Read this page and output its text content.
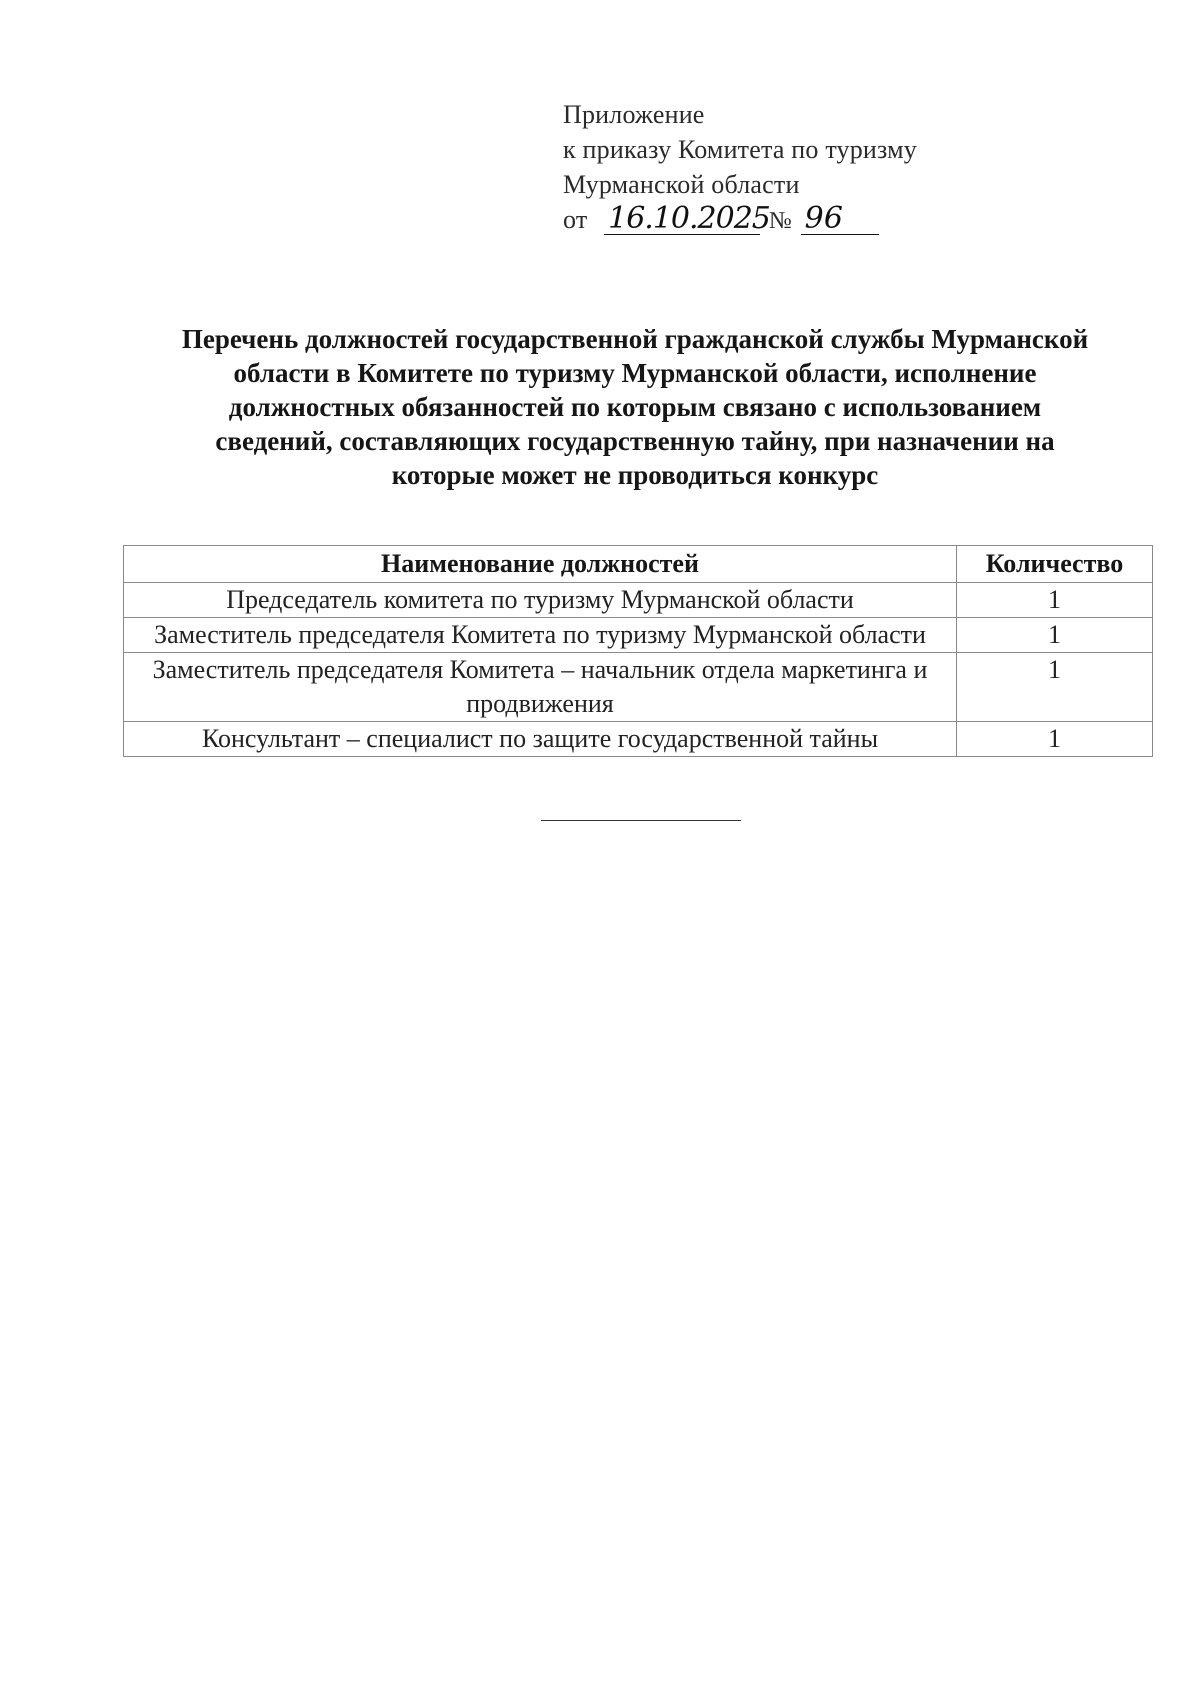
Приложение
к приказу Комитета по туризму
Мурманской области
от 16.10.2025 № 96
Перечень должностей государственной гражданской службы Мурманской
области в Комитете по туризму Мурманской области, исполнение
должностных обязанностей по которым связано с использованием
сведений, составляющих государственную тайну, при назначении на
которые может не проводиться конкурс
Наименование должностей	Количество
Председатель комитета по туризму Мурманской области	1
Заместитель председателя Комитета по туризму Мурманской области	1
Заместитель председателя Комитета – начальник отдела маркетинга и продвижения	1
Консультант – специалист по защите государственной тайны	1
